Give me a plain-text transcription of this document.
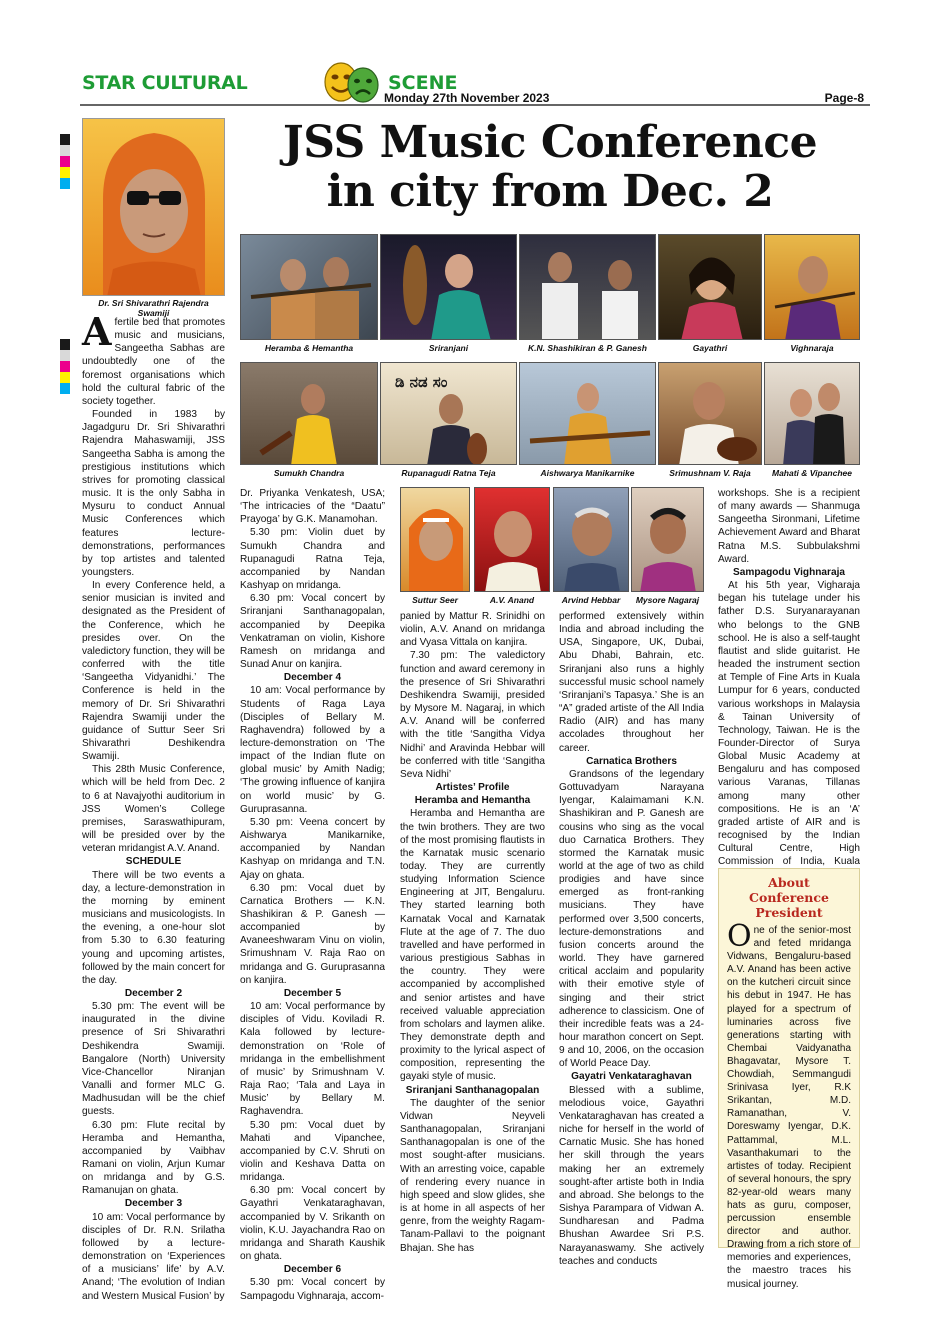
STAR CULTURAL	SCENE
Monday 27th November 2023	Page-8
Dr. Sri Shivarathri Rajendra Swamiji
JSS Music Conference
in city from Dec. 2
Heramba & Hemantha	Sriranjani	K.N. Shashikiran & P. Ganesh	Gayathri	Vighnaraja
ಡಿ ನಡ ಸಂ
Sumukh Chandra	Rupanagudi Ratna Teja	Aishwarya Manikarnike	Srimushnam V. Raja	Mahati & Vipanchee
Suttur Seer	A.V. Anand	Arvind Hebbar	Mysore Nagaraj

Afertile bed that promotes music and musicians, Sangeetha Sabhas are undoubtedly one of the foremost organisations which hold the cultural fabric of the society together.

Founded in 1983 by Jagadguru Dr. Sri Shivarathri Rajendra Mahaswamiji, JSS Sangeetha Sabha is among the prestigious institutions which strives for promoting classical music. It is the only Sabha in Mysuru to conduct Annual Music Conferences which features lecture-demonstrations, performances by top artistes and talented youngsters.

In every Conference held, a senior musician is invited and designated as the President of the Conference, which he presides over. On the valedictory function, they will be conferred with the title ‘Sangeetha Vidyanidhi.’ The Conference is held in the memory of Dr. Sri Shivarathri Rajendra Swamiji under the guidance of Suttur Seer Sri Shivarathri Deshikendra Swamiji.

This 28th Music Conference, which will be held from Dec. 2 to 6 at Navajyothi auditorium in JSS Women’s College premises, Saraswathipuram, will be presided over by the veteran mridangist A.V. Anand.

SCHEDULE

There will be two events a day, a lecture-demonstration in the morning by eminent musicians and musicologists. In the evening, a one-hour slot from 5.30 to 6.30 featuring young and upcoming artistes, followed by the main concert for the day.

December 2

5.30 pm: The event will be inaugurated in the divine presence of Sri Shivarathri Deshikendra Swamiji. Bangalore (North) University Vice-Chancellor Niranjan Vanalli and former MLC G. Madhusudan will be the chief guests.

6.30 pm: Flute recital by Heramba and Hemantha, accompanied by Vaibhav Ramani on violin, Arjun Kumar on mridanga and by G.S. Ramanujan on ghata.

December 3

10 am: Vocal performance by disciples of Dr. R.N. Srilatha followed by a lecture-demonstration on ‘Experiences of a musicians’ life’ by A.V. Anand; ‘The evolution of Indian and Western Musical Fusion’ by

Dr. Priyanka Venkatesh, USA; ‘The intricacies of the “Daatu” Prayoga’ by G.K. Manamohan.

5.30 pm: Violin duet by Sumukh Chandra and Rupanagudi Ratna Teja, accompanied by Nandan Kashyap on mridanga.

6.30 pm: Vocal concert by Sriranjani Santhanagopalan, accompanied by Deepika Venkatraman on violin, Kishore Ramesh on mridanga and Sunad Anur on kanjira.

December 4

10 am: Vocal performance by Students of Raga Laya (Disciples of Bellary M. Raghavendra) followed by a lecture-demonstration on ‘The impact of the Indian flute on global music’ by Amith Nadig; ‘The growing influence of kanjira on world music’ by G. Guruprasanna.

5.30 pm: Veena concert by Aishwarya Manikarnike, accompanied by Nandan Kashyap on mridanga and T.N. Ajay on ghata.

6.30 pm: Vocal duet by Carnatica Brothers — K.N. Shashikiran & P. Ganesh — accompanied by Avaneeshwaram Vinu on violin, Srimushnam V. Raja Rao on mridanga and G. Guruprasanna on kanjira.

December 5

10 am: Vocal performance by disciples of Vidu. Koviladi R. Kala followed by lecture-demonstration on ‘Role of mridanga in the embellishment of music’ by Srimushnam V. Raja Rao; ‘Tala and Laya in Music’ by Bellary M. Raghavendra.

5.30 pm: Vocal duet by Mahati and Vipanchee, accompanied by C.V. Shruti on violin and Keshava Datta on mridanga.

6.30 pm: Vocal concert by Gayathri Venkataraghavan, accompanied by V. Srikanth on violin, K.U. Jayachandra Rao on mridanga and Sharath Kaushik on ghata.

December 6

5.30 pm: Vocal concert by Sampagodu Vighnaraja, accom-

panied by Mattur R. Srinidhi on violin, A.V. Anand on mridanga and Vyasa Vittala on kanjira.

7.30 pm: The valedictory function and award ceremony in the presence of Sri Shivarathri Deshikendra Swamiji, presided by Mysore M. Nagaraj, in which A.V. Anand will be conferred with the title ‘Sangitha Vidya Nidhi’ and Aravinda Hebbar will be conferred with title ‘Sangitha Seva Nidhi’

Artistes’ Profile

Heramba and Hemantha

Heramba and Hemantha are the twin brothers. They are two of the most promising flautists in the Karnatak music scenario today. They are currently studying Information Science Engineering at JIT, Bengaluru. They started learning both Karnatak Vocal and Karnatak Flute at the age of 7. The duo travelled and have performed in various prestigious Sabhas in the country. They were accompanied by accomplished and senior artistes and have received valuable appreciation from scholars and laymen alike. They demonstrate depth and proximity to the lyrical aspect of composition, representing the gayaki style of music.

Sriranjani Santhanagopalan

The daughter of the senior Vidwan Neyveli Santhanagopalan, Sriranjani Santhanagopalan is one of the most sought-after musicians. With an arresting voice, capable of rendering every nuance in high speed and slow glides, she is at home in all aspects of her genre, from the weighty Ragam-Tanam-Pallavi to the poignant Bhajan. She has

performed extensively within India and abroad including the USA, Singapore, UK, Dubai, Abu Dhabi, Bahrain, etc. Sriranjani also runs a highly successful music school namely ‘Sriranjani’s Tapasya.’ She is an “A” graded artiste of the All India Radio (AIR) and has many accolades throughout her career.

Carnatica Brothers

Grandsons of the legendary Gottuvadyam Narayana Iyengar, Kalaimamani K.N. Shashikiran and P. Ganesh are cousins who sing as the vocal duo Carnatica Brothers. They stormed the Karnatak music world at the age of two as child prodigies and have since emerged as front-ranking musicians. They have performed over 3,500 concerts, lecture-demonstrations and fusion concerts around the world. They have garnered critical acclaim and popularity with their emotive style of singing and their strict adherence to classicism. One of their incredible feats was a 24-hour marathon concert on Sept. 9 and 10, 2006, on the occasion of World Peace Day.

Gayatri Venkataraghavan

Blessed with a sublime, melodious voice, Gayathri Venkataraghavan has created a niche for herself in the world of Carnatic Music. She has honed her skill through the years making her an extremely sought-after artiste both in India and abroad. She belongs to the Sishya Parampara of Vidwan A. Sundharesan and Padma Bhushan Awardee Sri P.S. Narayanaswamy. She actively teaches and conducts

workshops. She is a recipient of many awards — Shanmuga Sangeetha Sironmani, Lifetime Achievement Award and Bharat Ratna M.S. Subbulakshmi Award.

Sampagodu Vighnaraja

At his 5th year, Vigharaja began his tutelage under his father D.S. Suryanarayanan who belongs to the GNB school. He is also a self-taught flautist and slide guitarist. He headed the instrument section at Temple of Fine Arts in Kuala Lumpur for 6 years, conducted various workshops in Malaysia & Tainan University of Technology, Taiwan. He is the Founder-Director of Surya Global Music Academy at Bengaluru and has composed various Varanas, Tillanas among many other compositions. He is an ‘A’ graded artiste of AIR and is recognised by the Indian Cultural Centre, High Commission of India, Kuala

About Conference President

One of the senior-most and feted mridanga Vidwans, Bengaluru-based A.V. Anand has been active on the kutcheri circuit since his debut in 1947. He has played for a spectrum of luminaries across five generations starting with Chembai Vaidyanatha Bhagavatar, Mysore T. Chowdiah, Semmangudi Srinivasa Iyer, R.K Srikantan, M.D. Ramanathan, V. Doreswamy Iyengar, D.K. Pattammal, M.L. Vasanthakumari to the artistes of today. Recipient of several honours, the spry 82-year-old wears many hats as guru, composer, percussion ensemble director and author. Drawing from a rich store of memories and experiences, the maestro traces his musical journey.
